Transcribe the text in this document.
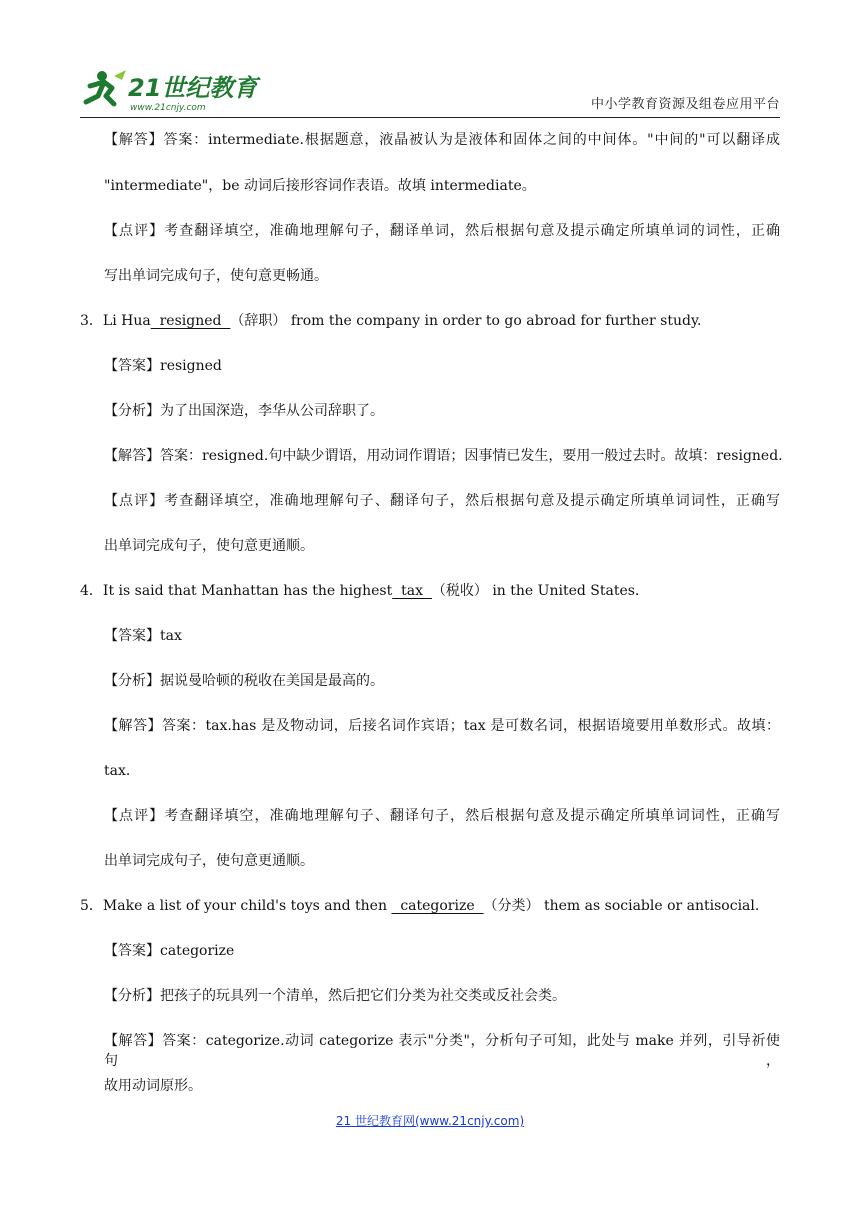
21世纪教育
www.21cnjy.com	中小学教育资源及组卷应用平台
【解答】答案：intermediate.根据题意，液晶被认为是液体和固体之间的中间体。"中间的"可以翻译成
"intermediate"，be 动词后接形容词作表语。故填 intermediate。
【点评】考查翻译填空，准确地理解句子，翻译单词，然后根据句意及提示确定所填单词的词性，正确
写出单词完成句子，使句意更畅通。
3．Li Hua  resigned  （辞职） from the company in order to go abroad for further study.
【答案】resigned
【分析】为了出国深造，李华从公司辞职了。
【解答】答案：resigned.句中缺少谓语，用动词作谓语；因事情已发生，要用一般过去时。故填：resigned.
【点评】考查翻译填空，准确地理解句子、翻译句子，然后根据句意及提示确定所填单词词性，正确写
出单词完成句子，使句意更通顺。
4．It is said that Manhattan has the highest  tax  （税收） in the United States.
【答案】tax
【分析】据说曼哈顿的税收在美国是最高的。
【解答】答案：tax.has 是及物动词，后接名词作宾语；tax 是可数名词，根据语境要用单数形式。故填：
tax.
【点评】考查翻译填空，准确地理解句子、翻译句子，然后根据句意及提示确定所填单词词性，正确写
出单词完成句子，使句意更通顺。
5．Make a list of your child's toys and then   categorize  （分类） them as sociable or antisocial.
【答案】categorize
【分析】把孩子的玩具列一个清单，然后把它们分类为社交类或反社会类。
【解答】答案：categorize.动词 categorize 表示"分类"，分析句子可知，此处与 make 并列，引导祈使句，
故用动词原形。
21 世纪教育网(www.21cnjy.com)
